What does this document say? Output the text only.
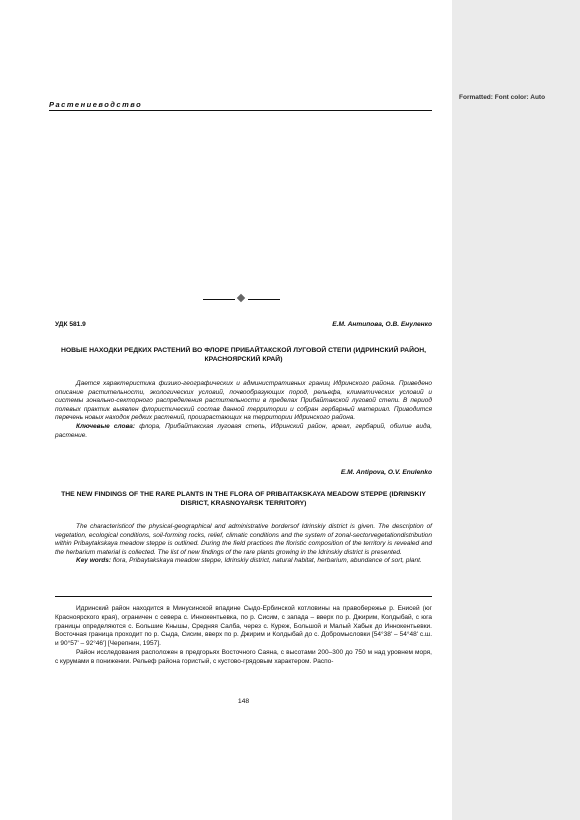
Растениеводство
УДК 581.9	Е.М. Антипова, О.В. Енуленко
НОВЫЕ НАХОДКИ РЕДКИХ РАСТЕНИЙ ВО ФЛОРЕ ПРИБАЙТАКСКОЙ ЛУГОВОЙ СТЕПИ (ИДРИНСКИЙ РАЙОН, КРАСНОЯРСКИЙ КРАЙ)

Дается характеристика физико-географических и административных границ Идринского района. Приведено описание растительности, экологических условий, почвообразующих пород, рельефа, климатических условий и системы зонально-секторного распределения растительности в пределах Прибайтакской луговой степи. В период полевых практик выявлен флористический состав данной территории и собран гербарный материал. Приводится перечень новых находок редких растений, произрастающих на территории Идринского района.

Ключевые слова: флора, Прибайтакская луговая степь, Идринский район, ареал, гербарий, обилие вида, растение.

E.M. Antipova, O.V. Enulenko
THE NEW FINDINGS OF THE RARE PLANTS IN THE FLORA OF PRIBAITAKSKAYA MEADOW STEPPE (IDRINSKIY DISRICT, KRASNOYARSK TERRITORY)

The characteristicof the physical-geographical and administrative bordersof Idrinskiy district is given. The description of vegetation, ecological conditions, soil-forming rocks, relief, climatic conditions and the system of zonal-sectorvegetationdistribution within Pribaytakskaya meadow steppe is outlined. During the field practices the floristic composition of the territory is revealed and the herbarium material is collected. The list of new findings of the rare plants growing in the Idrinskiy district is presented.

Key words: flora, Pribaytakskaya meadow steppe, Idrinskiy district, natural habitat, herbarium, abundance of sort, plant.

Идринский район находится в Минусинской впадине Сыдо-Ербинской котловины на правобережье р. Енисей (юг Красноярского края), ограничен с севера с. Иннокентьевка, по р. Сисим, с запада – вверх по р. Джирим, Колдыбай, с юга границы определяются с. Большие Кнышы, Средняя Салба, через с. Куреж, Большой и Малый Хабык до Иннокентьевки. Восточная граница проходит по р. Сыда, Сисим, вверх по р. Джирим и Колдыбай до с. Добромысловки [54°38' – 54°48' с.ш. и 90°57' – 92°46'] [Черепнин, 1957].

Район исследования расположен в предгорьях Восточного Саяна, с высотами 200–300 до 750 м над уровнем моря, с курумами в понижении. Рельеф района гористый, с кустово-грядовым характером. Распо-

148
Formatted: Font color: Auto
